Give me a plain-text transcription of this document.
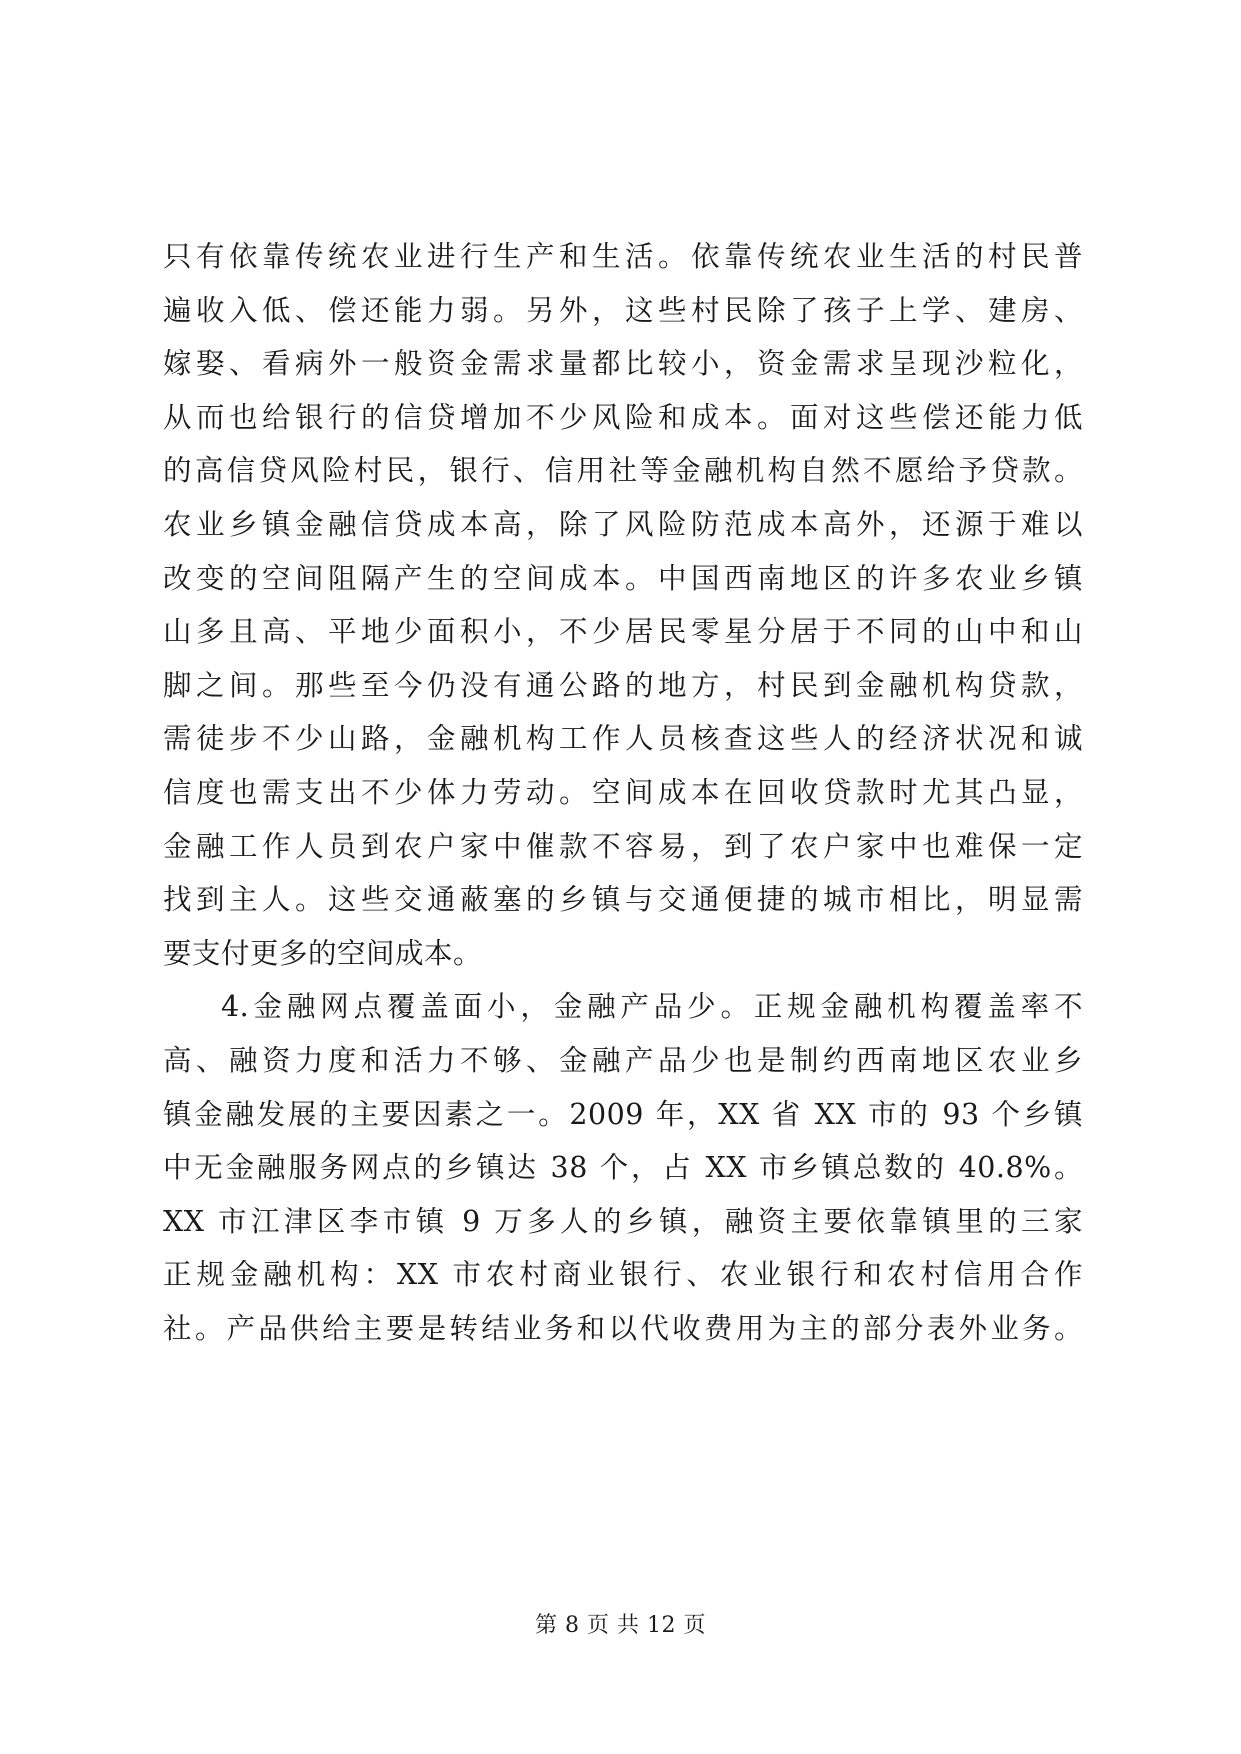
只有依靠传统农业进行生产和生活。依靠传统农业生活的村民普
遍收入低、偿还能力弱。另外，这些村民除了孩子上学、建房、
嫁娶、看病外一般资金需求量都比较小，资金需求呈现沙粒化，
从而也给银行的信贷增加不少风险和成本。面对这些偿还能力低
的高信贷风险村民，银行、信用社等金融机构自然不愿给予贷款。
农业乡镇金融信贷成本高，除了风险防范成本高外，还源于难以
改变的空间阻隔产生的空间成本。中国西南地区的许多农业乡镇
山多且高、平地少面积小，不少居民零星分居于不同的山中和山
脚之间。那些至今仍没有通公路的地方，村民到金融机构贷款，
需徒步不少山路，金融机构工作人员核查这些人的经济状况和诚
信度也需支出不少体力劳动。空间成本在回收贷款时尤其凸显，
金融工作人员到农户家中催款不容易，到了农户家中也难保一定
找到主人。这些交通蔽塞的乡镇与交通便捷的城市相比，明显需
要支付更多的空间成本。
4.金融网点覆盖面小，金融产品少。正规金融机构覆盖率不
高、融资力度和活力不够、金融产品少也是制约西南地区农业乡
镇金融发展的主要因素之一。2009 年，XX 省 XX 市的 93 个乡镇
中无金融服务网点的乡镇达 38 个，占 XX 市乡镇总数的 40.8%。
XX 市江津区李市镇 9 万多人的乡镇，融资主要依靠镇里的三家
正规金融机构：XX 市农村商业银行、农业银行和农村信用合作
社。产品供给主要是转结业务和以代收费用为主的部分表外业务。
第 8 页 共 12 页
